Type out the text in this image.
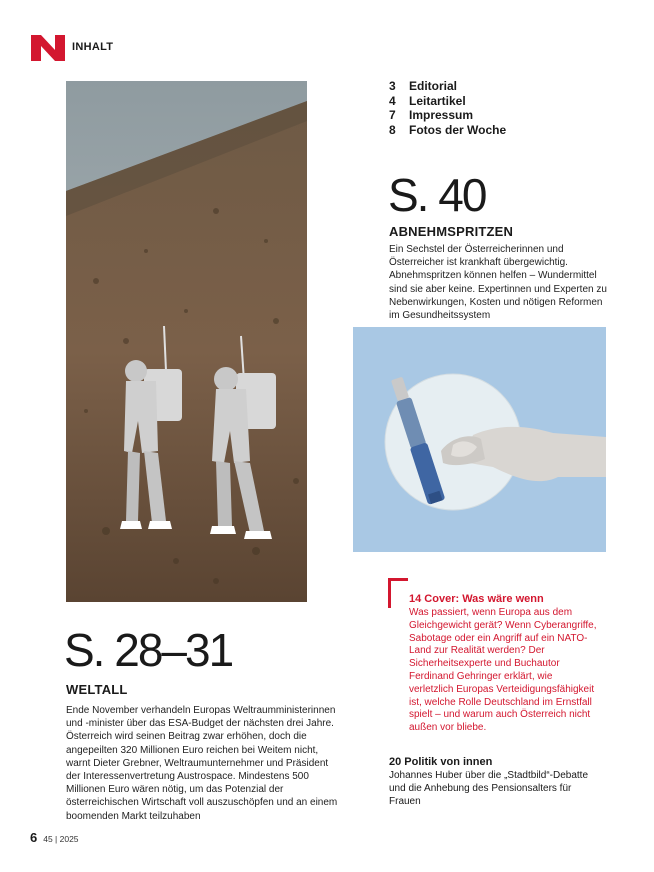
INHALT
3	Editorial
4	Leitartikel
7	Impressum
8	Fotos der Woche
S. 40
ABNEHMSPRITZEN
Ein Sechstel der Österreicherinnen und Österreicher ist krankhaft übergewichtig. Abnehmspritzen können helfen – Wundermittel sind sie aber keine. Expertinnen und Experten zu Nebenwirkungen, Kosten und nötigen Reformen im Gesundheitssystem
14 Cover: Was wäre wenn
Was passiert, wenn Europa aus dem Gleichgewicht gerät? Wenn Cyberangriffe, Sabotage oder ein Angriff auf ein NATO-Land zur Realität werden? Der Sicherheitsexperte und Buchautor Ferdinand Gehringer erklärt, wie verletzlich Europas Verteidigungsfähigkeit ist, welche Rolle Deutschland im Ernstfall spielt – und warum auch Österreich nicht außen vor bliebe.
20 Politik von innen
Johannes Huber über die „Stadtbild“-Debatte und die Anhebung des Pensionsalters für Frauen
S. 28–31
WELTALL
Ende November verhandeln Europas Weltraumministerinnen und -minister über das ESA-Budget der nächsten drei Jahre. Österreich wird seinen Beitrag zwar erhöhen, doch die angepeilten 320 Millionen Euro reichen bei Weitem nicht, warnt Dieter Grebner, Weltraumunternehmer und Präsident der Interessenvertretung Austrospace. Mindestens 500 Millionen Euro wären nötig, um das Potenzial der österreichischen Wirtschaft voll auszuschöpfen und an einem boomenden Markt teilzuhaben
6 45 | 2025
